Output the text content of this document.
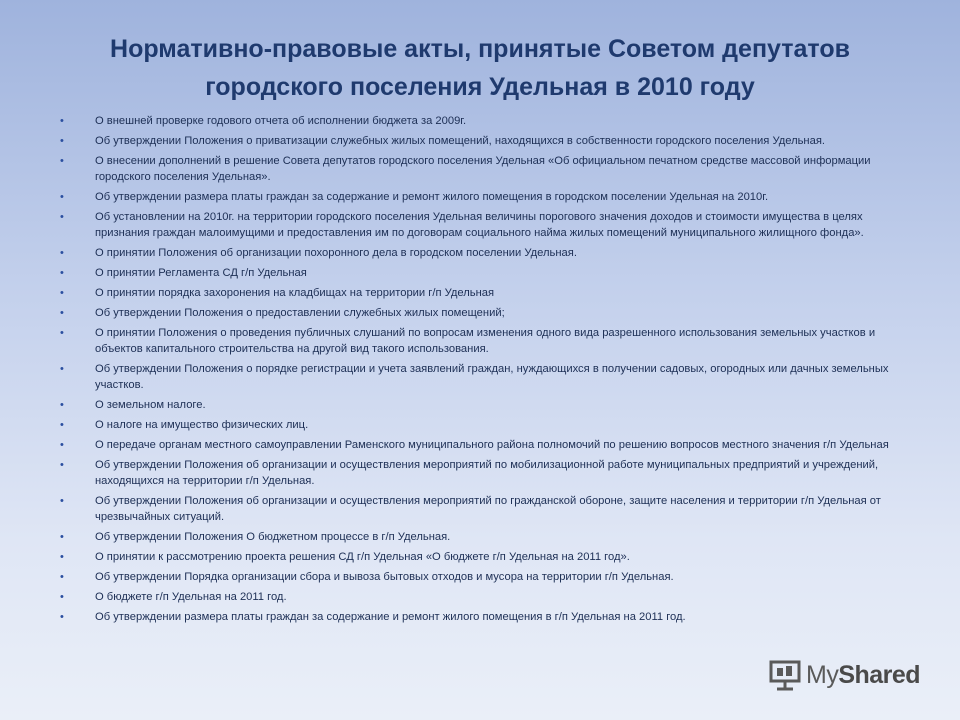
Нормативно-правовые акты, принятые Советом депутатов
городского поселения Удельная в 2010 году
•	О внешней проверке годового отчета об исполнении бюджета за 2009г.
•	Об утверждении Положения о приватизации служебных жилых помещений, находящихся в собственности городского поселения Удельная.
•	О внесении дополнений в решение Совета депутатов городского поселения Удельная «Об официальном печатном средстве массовой информации городского поселения Удельная».
•	Об утверждении размера платы граждан за содержание и ремонт жилого помещения в городском поселении Удельная на 2010г.
•	Об установлении на 2010г. на территории городского поселения Удельная величины порогового значения доходов и стоимости имущества в целях признания граждан малоимущими и предоставления им по договорам социального найма жилых помещений муниципального жилищного фонда».
•	О принятии Положения об организации похоронного дела в городском поселении Удельная.
•	О принятии Регламента СД г/п Удельная
•	О принятии порядка захоронения на кладбищах на территории г/п Удельная
•	Об утверждении Положения о предоставлении служебных жилых помещений;
•	О принятии Положения о проведения публичных слушаний по вопросам изменения одного вида разрешенного использования земельных участков и объектов капитального строительства на другой вид такого использования.
•	Об утверждении Положения о порядке регистрации и учета заявлений граждан, нуждающихся в получении садовых, огородных или дачных земельных участков.
•	О земельном налоге.
•	О налоге на имущество физических лиц.
•	О передаче органам местного самоуправлении Раменского муниципального района полномочий по решению вопросов местного значения г/п Удельная
•	Об утверждении Положения об организации и осуществления мероприятий по мобилизационной работе муниципальных предприятий и учреждений, находящихся на территории г/п Удельная.
•	Об утверждении Положения об организации и осуществления мероприятий по гражданской обороне, защите населения и территории г/п Удельная от чрезвычайных ситуаций.
•	Об утверждении Положения О бюджетном процессе в г/п Удельная.
•	О принятии к рассмотрению проекта решения СД г/п Удельная «О бюджете г/п Удельная на 2011 год».
•	Об утверждении Порядка организации сбора и вывоза бытовых отходов и мусора на территории г/п Удельная.
•	О бюджете г/п Удельная на 2011 год.
•	Об утверждении размера платы граждан за содержание и ремонт жилого помещения в г/п Удельная на 2011 год.
MyShared
